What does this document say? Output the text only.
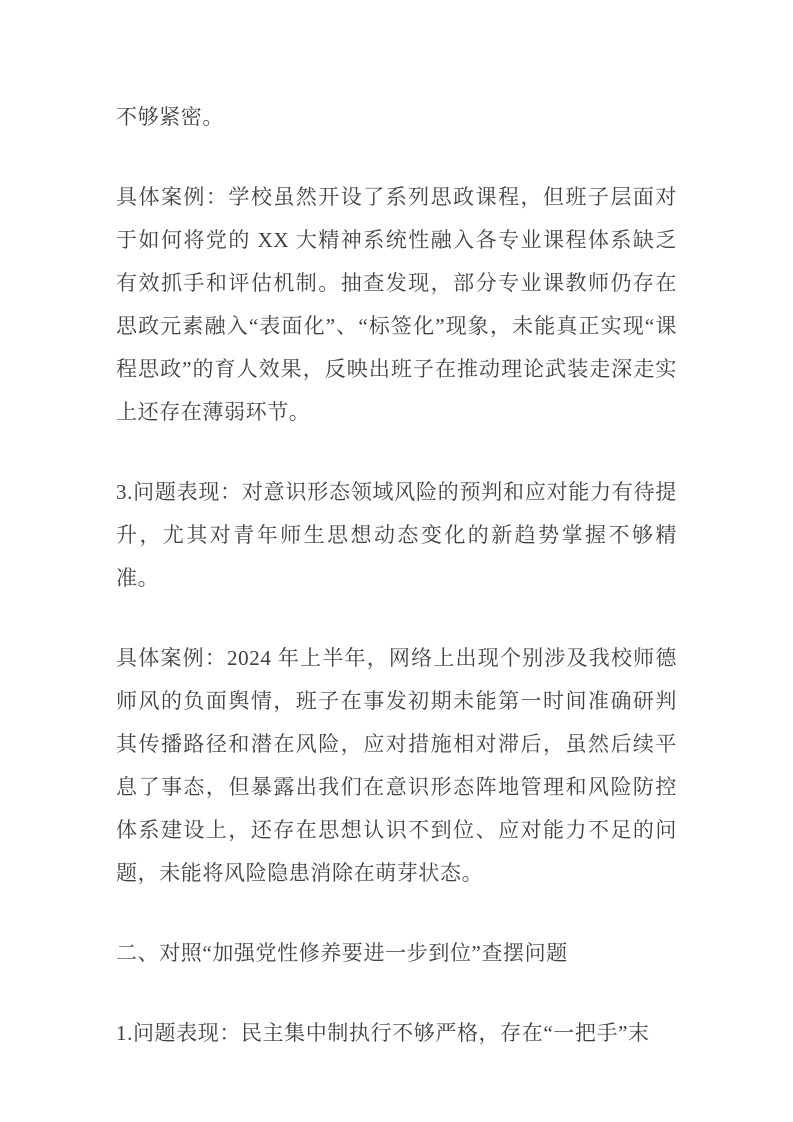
不够紧密。

具体案例：学校虽然开设了系列思政课程，但班子层面对于如何将党的 XX 大精神系统性融入各专业课程体系缺乏有效抓手和评估机制。抽查发现，部分专业课教师仍存在思政元素融入“表面化”、“标签化”现象，未能真正实现“课程思政”的育人效果，反映出班子在推动理论武装走深走实上还存在薄弱环节。

3.问题表现：对意识形态领域风险的预判和应对能力有待提升，尤其对青年师生思想动态变化的新趋势掌握不够精准。

具体案例：2024 年上半年，网络上出现个别涉及我校师德师风的负面舆情，班子在事发初期未能第一时间准确研判其传播路径和潜在风险，应对措施相对滞后，虽然后续平息了事态，但暴露出我们在意识形态阵地管理和风险防控体系建设上，还存在思想认识不到位、应对能力不足的问题，未能将风险隐患消除在萌芽状态。

二、对照“加强党性修养要进一步到位”查摆问题

1.问题表现：民主集中制执行不够严格，存在“一把手”末
